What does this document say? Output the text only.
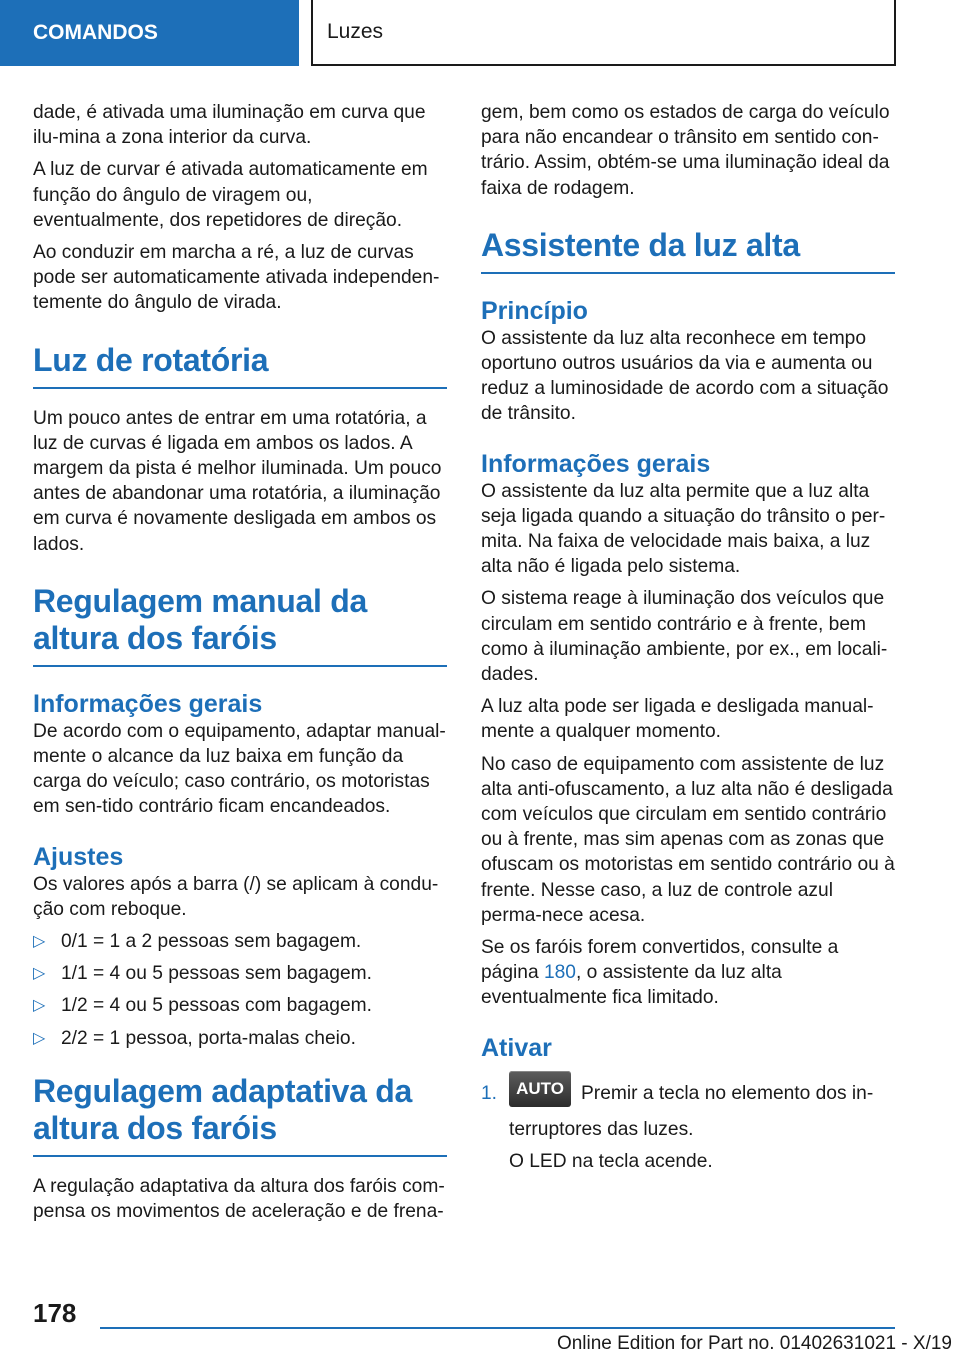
COMANDOS	Luzes

dade, é ativada uma iluminação em curva que ilu-mina a zona interior da curva.

A luz de curvar é ativada automaticamente em função do ângulo de viragem ou, eventualmente, dos repetidores de direção.

Ao conduzir em marcha a ré, a luz de curvas pode ser automaticamente ativada independen-temente do ângulo de virada.

Luz de rotatória

Um pouco antes de entrar em uma rotatória, a luz de curvas é ligada em ambos os lados. A margem da pista é melhor iluminada. Um pouco antes de abandonar uma rotatória, a iluminação em curva é novamente desligada em ambos os lados.

Regulagem manual da altura dos faróis
Informações gerais

De acordo com o equipamento, adaptar manual-mente o alcance da luz baixa em função da carga do veículo; caso contrário, os motoristas em sen-tido contrário ficam encandeados.

Ajustes

Os valores após a barra (/) se aplicam à condu-ção com reboque.

▷ 0/1 = 1 a 2 pessoas sem bagagem.
▷ 1/1 = 4 ou 5 pessoas sem bagagem.
▷ 1/2 = 4 ou 5 pessoas com bagagem.
▷ 2/2 = 1 pessoa, porta-malas cheio.
Regulagem adaptativa da altura dos faróis

A regulação adaptativa da altura dos faróis com-pensa os movimentos de aceleração e de frena-

gem, bem como os estados de carga do veículo para não encandear o trânsito em sentido con-trário. Assim, obtém-se uma iluminação ideal da faixa de rodagem.

Assistente da luz alta
Princípio

O assistente da luz alta reconhece em tempo oportuno outros usuários da via e aumenta ou reduz a luminosidade de acordo com a situação de trânsito.

Informações gerais

O assistente da luz alta permite que a luz alta seja ligada quando a situação do trânsito o per-mita. Na faixa de velocidade mais baixa, a luz alta não é ligada pelo sistema.

O sistema reage à iluminação dos veículos que circulam em sentido contrário e à frente, bem como à iluminação ambiente, por ex., em locali-dades.

A luz alta pode ser ligada e desligada manual-mente a qualquer momento.

No caso de equipamento com assistente de luz alta anti-ofuscamento, a luz alta não é desligada com veículos que circulam em sentido contrário ou à frente, mas sim apenas com as zonas que ofuscam os motoristas em sentido contrário ou à frente. Nesse caso, a luz de controle azul perma-nece acesa.

Se os faróis forem convertidos, consulte a página 180, o assistente da luz alta eventualmente fica limitado.

Ativar
1. AUTO Premir a tecla no elemento dos in-terruptores das luzes.
O LED na tecla acende.
178
Online Edition for Part no. 01402631021 - X/19
